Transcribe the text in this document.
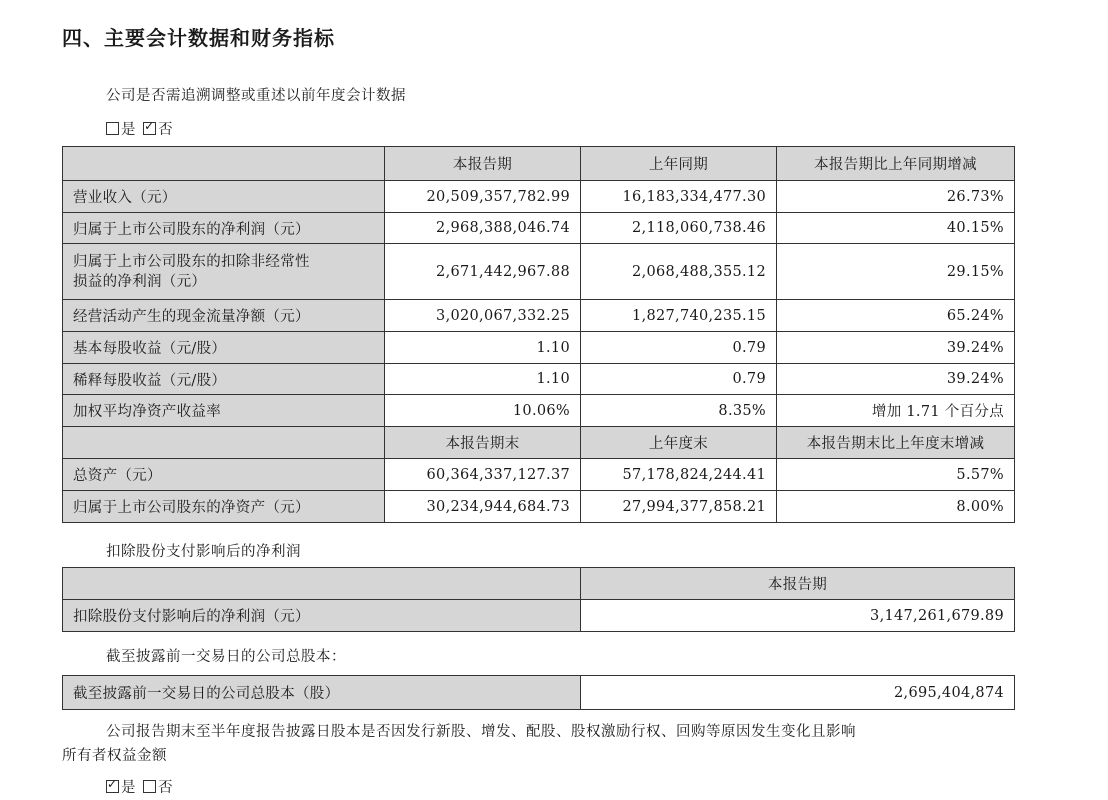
四、主要会计数据和财务指标
公司是否需追溯调整或重述以前年度会计数据
是 ✓ 否
	本报告期	上年同期	本报告期比上年同期增减
营业收入（元）	20,509,357,782.99	16,183,334,477.30	26.73%
归属于上市公司股东的净利润（元）	2,968,388,046.74	2,118,060,738.46	40.15%
归属于上市公司股东的扣除非经常性
损益的净利润（元）	2,671,442,967.88	2,068,488,355.12	29.15%
经营活动产生的现金流量净额（元）	3,020,067,332.25	1,827,740,235.15	65.24%
基本每股收益（元/股）	1.10	0.79	39.24%
稀释每股收益（元/股）	1.10	0.79	39.24%
加权平均净资产收益率	10.06%	8.35%	增加 1.71 个百分点
	本报告期末	上年度末	本报告期末比上年度末增减
总资产（元）	60,364,337,127.37	57,178,824,244.41	5.57%
归属于上市公司股东的净资产（元）	30,234,944,684.73	27,994,377,858.21	8.00%
扣除股份支付影响后的净利润
	本报告期
扣除股份支付影响后的净利润（元）	3,147,261,679.89
截至披露前一交易日的公司总股本：
截至披露前一交易日的公司总股本（股）	2,695,404,874
公司报告期末至半年度报告披露日股本是否因发行新股、增发、配股、股权激励行权、回购等原因发生变化且影响
所有者权益金额
✓是 否
